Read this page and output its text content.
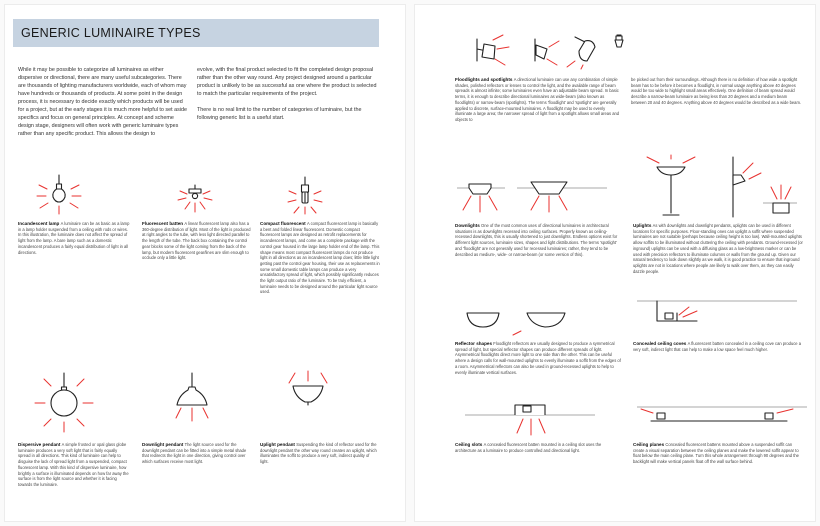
GENERIC LUMINAIRE TYPES

While it may be possible to categorize all luminaires as either dispersive or directional, there are many useful subcategories. There are thousands of lighting manufacturers worldwide, each of whom may have hundreds or thousands of products. At some point in the design process, it is necessary to decide exactly which products will be used for a project, but at the early stages it is much more helpful to set aside specifics and focus on general principles. At concept and scheme design stage, designers will often work with generic luminaire types rather than any specific product. This allows the design to

evolve, with the final product selected to fit the completed design proposal rather than the other way round. Any project designed around a particular product is unlikely to be as successful as one where the product is selected to match the particular requirements of the project.

There is no real limit to the number of categories of luminaire, but the following generic list is a useful start.

Incandescent lamp A luminaire can be as basic as a lamp in a lamp holder suspended from a ceiling with rods or wires. In this illustration, the luminaire does not affect the spread of light from the lamp. A bare lamp such as a domestic incandescent produces a fairly equal distribution of light in all directions.
Fluorescent batten A linear fluorescent lamp also has a 360-degree distribution of light. Most of the light is produced at right angles to the tube, with less light directed parallel to the length of the tube. The back box containing the control gear blocks some of the light coming from the back of the lamp, but modern fluorescent gear/lines are slim enough to occlude only a little light.
Compact fluorescent A compact fluorescent lamp is basically a bent and folded linear fluorescent. Domestic compact fluorescent lamps are designed as retrofit replacements for incandescent lamps, and come as a complete package with the control gear housed in the large lamp holder end of the lamp. This shape means most compact fluorescent lamps do not produce light in all directions as an incandescent lamp does; little little light getting past the control gear housing, their use as replacements in some small domestic table lamps can produce a very unsatisfactory spread of light, which possibly significantly reduces the light output ratio of the luminaire. To be truly efficient, a luminaire needs to be designed around the particular light source used.
Dispersive pendant A simple frosted or opal glass globe luminaire produces a very soft light that is fairly equally spread in all directions. This kind of luminaire can help to disguise the lack of spread light from a suspended, compact fluorescent lamp. With this kind of dispersive luminaire, how brightly a surface is illuminated depends on how far away the surface is from the light source and whether it is facing towards the luminaire.
Downlight pendant The light source used for the downlight pendant can be fitted into a simple metal shade that redirects the light in one direction, giving control over which surfaces receive most light.
Uplight pendant Suspending the kind of reflector used for the downlight pendant the other way round creates an uplight, which illuminates the soffit to produce a very soft, indirect quality of light.
Floodlights and spotlights A directional luminaire can use any combination of simple shades, polished reflectors or lenses to control the light, and the available range of beam spreads is almost infinite; some luminaires even have an adjustable beam spread. In basic terms, it is enough to describe directional luminaires as wide-beam (also known as floodlights) or narrow-beam (spotlights). The terms 'floodlight' and 'spotlight' are generally applied to discrete, surface-mounted luminaires. A floodlight may be used to evenly illuminate a large area; the narrower spread of light from a spotlight allows small areas and objects to
be picked out from their surroundings. Although there is no definition of how wide a spotlight beam has to be before it becomes a floodlight, in normal usage anything above 40 degrees would be too wide to highlight small areas effectively. One definition of beam spread would describe a narrow-beam luminaire as being less than 20 degrees and a medium beam between 20 and 40 degrees. Anything above 40 degrees would be described as a wide beam.
Downlights One of the most common uses of directional luminaires in architectural situations is as downlights recessed into ceiling surfaces. Properly known as ceiling-recessed downlights, this is usually shortened to just downlights. Endless options exist for different light sources, luminaire sizes, shapes and light distributions. The terms 'spotlight' and 'floodlight' are not generally used for recessed luminaires; rather, they tend to be described as medium-, wide- or narrow-beam (or some version of this).
Uplights As with downlights and downlight pendants, uplights can be used in different locations for specific purposes. Floor-standing ones can uplight a soffit where suspended luminaires are not suitable (perhaps because ceiling height is too low). Wall-mounted uplights allow soffits to be illuminated without cluttering the ceiling with pendants. Ground-recessed (or inground) uplights can be used with a diffusing glass as a low-brightness marker or can be used with precision reflectors to illuminate columns or walls from the ground up. Given our natural tendency to look down slightly as we walk, it is good practice to ensure that inground uplights are not in locations where people are likely to walk over them, as they can easily dazzle people.
Reflector shapes Floodlight reflectors are usually designed to produce a symmetrical spread of light, but special reflector shapes can produce different spreads of light. Asymmetrical floodlights direct more light to one side than the other. This can be useful where a design calls for wall-mounted uplights to evenly illuminate a soffit from the edges of a room. Asymmetrical reflectors can also be used in ground-recessed uplights to help to evenly illuminate vertical surfaces.
Concealed ceiling coves A fluorescent batten concealed in a ceiling cove can produce a very soft, indirect light that can help to make a low space feel much higher.
Ceiling slots A concealed fluorescent batten mounted in a ceiling slot uses the architecture as a luminaire to produce controlled and directional light.
Ceiling planes Concealed fluorescent battens mounted above a suspended soffit can create a visual separation between the ceiling planes and make the lowered soffit appear to float below the main ceiling plane. Turn this whole arrangement through 90 degrees and the backlight will make vertical panels float off the wall surface behind.
